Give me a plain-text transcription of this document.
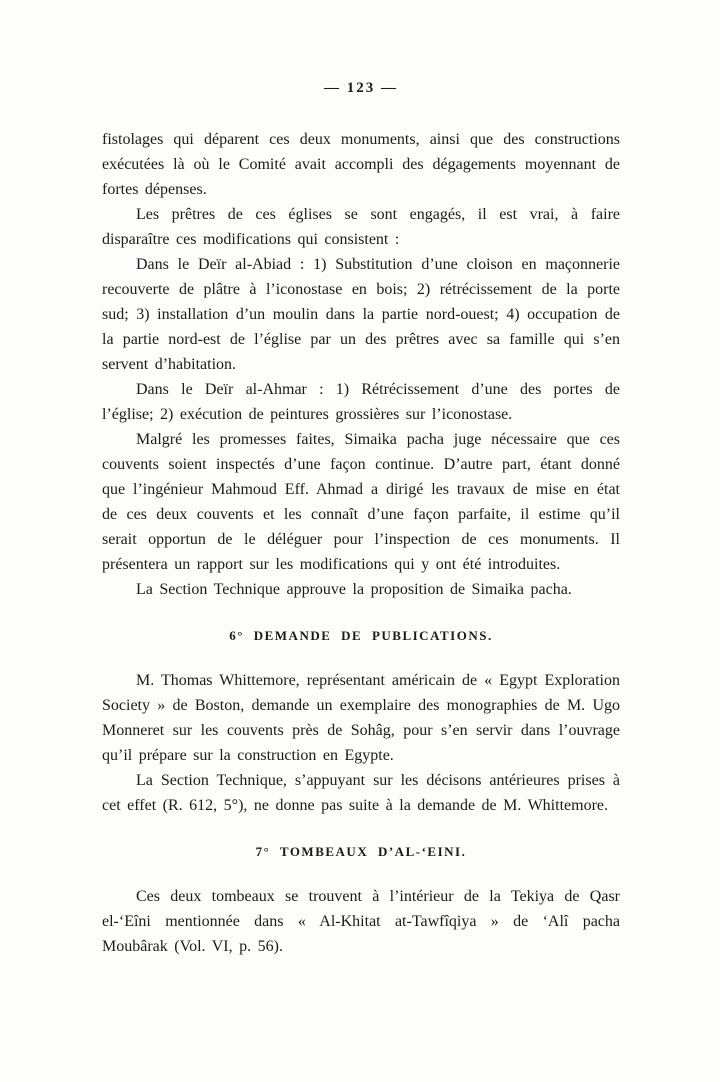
— 123 —

fistolages qui déparent ces deux monuments, ainsi que des constructions exécutées là où le Comité avait accompli des dégagements moyennant de fortes dépenses.

Les prêtres de ces églises se sont engagés, il est vrai, à faire disparaître ces modifications qui consistent :

Dans le Deïr al-Abiad : 1) Substitution d’une cloison en maçonnerie recouverte de plâtre à l’iconostase en bois; 2) rétrécissement de la porte sud; 3) installation d’un moulin dans la partie nord-ouest; 4) occupation de la partie nord-est de l’église par un des prêtres avec sa famille qui s’en servent d’habitation.

Dans le Deïr al-Ahmar : 1) Rétrécissement d’une des portes de l’église; 2) exécution de peintures grossières sur l’iconostase.

Malgré les promesses faites, Simaika pacha juge nécessaire que ces couvents soient inspectés d’une façon continue. D’autre part, étant donné que l’ingénieur Mahmoud Eff. Ahmad a dirigé les travaux de mise en état de ces deux couvents et les connaît d’une façon parfaite, il estime qu’il serait opportun de le déléguer pour l’inspection de ces monuments. Il présentera un rapport sur les modifications qui y ont été introduites.

La Section Technique approuve la proposition de Simaika pacha.

6° DEMANDE DE PUBLICATIONS.

M. Thomas Whittemore, représentant américain de « Egypt Exploration Society » de Boston, demande un exemplaire des monographies de M. Ugo Monneret sur les couvents près de Sohâg, pour s’en servir dans l’ouvrage qu’il prépare sur la construction en Egypte.

La Section Technique, s’appuyant sur les décisons antérieures prises à cet effet (R. 612, 5°), ne donne pas suite à la demande de M. Whittemore.

7° TOMBEAUX D’AL-‘EINI.

Ces deux tombeaux se trouvent à l’intérieur de la Tekiya de Qasr el-‘Eîni mentionnée dans « Al-Khitat at-Tawfîqiya » de ‘Alî pacha Moubârak (Vol. VI, p. 56).
